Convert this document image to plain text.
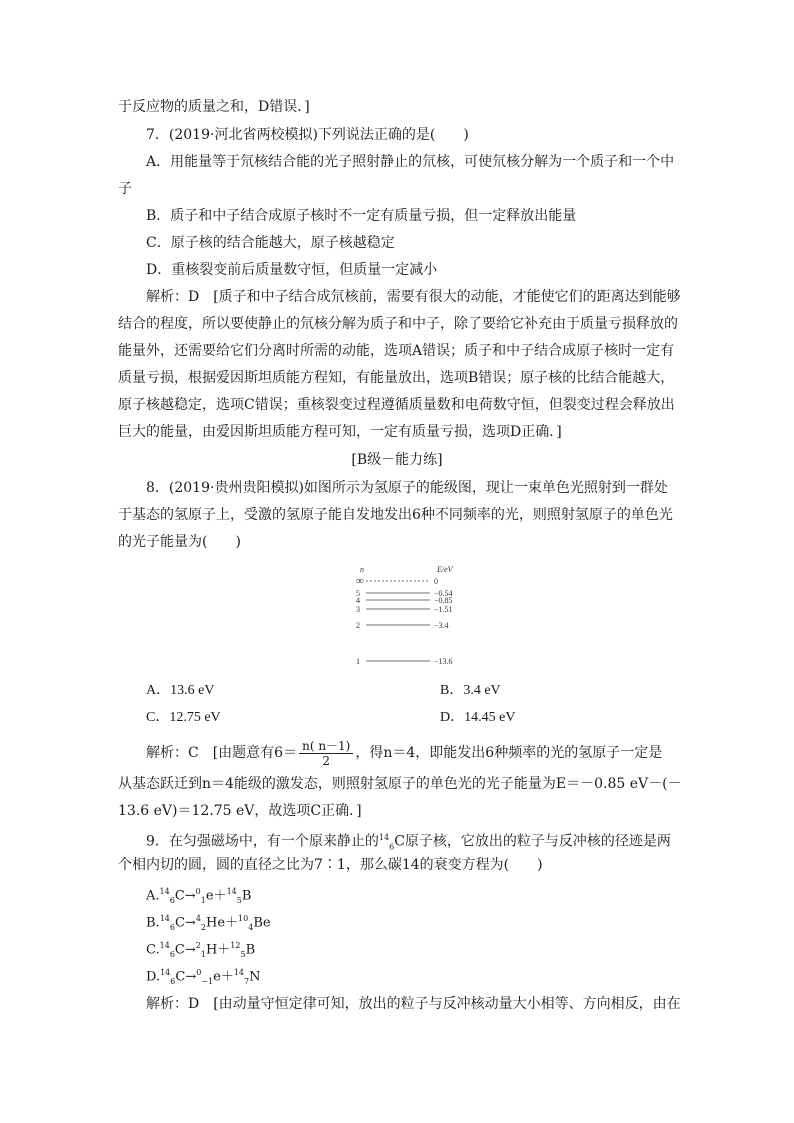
于反应物的质量之和，D错误．]
7．(2019·河北省两校模拟)下列说法正确的是(　　)
A．用能量等于氘核结合能的光子照射静止的氘核，可使氘核分解为一个质子和一个中
子
B．质子和中子结合成原子核时不一定有质量亏损，但一定释放出能量
C．原子核的结合能越大，原子核越稳定
D．重核裂变前后质量数守恒，但质量一定减小
解析：D　[质子和中子结合成氘核前，需要有很大的动能，才能使它们的距离达到能够
结合的程度，所以要使静止的氘核分解为质子和中子，除了要给它补充由于质量亏损释放的
能量外，还需要给它们分离时所需的动能，选项A错误；质子和中子结合成原子核时一定有
质量亏损，根据爱因斯坦质能方程知，有能量放出，选项B错误；原子核的比结合能越大，
原子核越稳定，选项C错误；重核裂变过程遵循质量数和电荷数守恒，但裂变过程会释放出
巨大的能量，由爱因斯坦质能方程可知，一定有质量亏损，选项D正确．]
[B级－能力练]
8．(2019·贵州贵阳模拟)如图所示为氢原子的能级图，现让一束单色光照射到一群处
于基态的氢原子上，受激的氢原子能自发地发出6种不同频率的光，则照射氢原子的单色光
的光子能量为(　　)
n	E/eV
∞	0
5	−0.54
4	−0.85
3	−1.51
2	−3.4
1	−13.6
A．13.6 eV	B．3.4 eV
C．12.75 eV	D．14.45 eV
解析：C　[由题意有$6= \frac{n( n-1)}{2}$ ，得n＝4，即能发出6种频率的光的氢原子一定是
从基态跃迁到n＝4能级的激发态，则照射氢原子的单色光的光子能量为E＝－0.85 eV－(－
13.6 eV)＝12.75 eV，故选项C正确．]
9．在匀强磁场中，有一个原来静止的$^{14}_6$C原子核，它放出的粒子与反冲核的径迹是两
个相内切的圆，圆的直径之比为7∶1，那么碳14的衰变方程为(　　)
A.$^{14}_6$C→$^0_1$e＋$^{14}_5$B
B.$^{14}_6$C→$^4_2$He＋$^{10}_4$Be
C.$^{14}_6$C→$^2_1$H＋$^{12}_5$B
D.$^{14}_6$C→$^0_{-1}$e＋$^{14}_7$N
解析：D　[由动量守恒定律可知，放出的粒子与反冲核动量大小相等、方向相反，由在
